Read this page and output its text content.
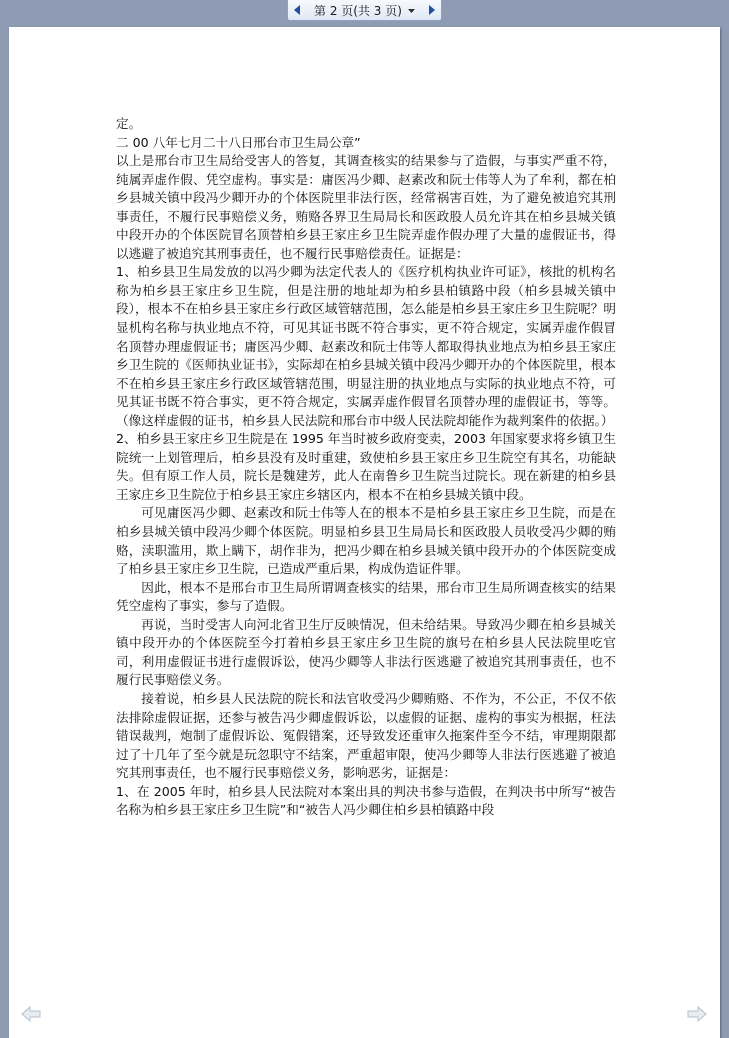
第 2 页(共 3 页)

定。

二 00 八年七月二十八日邢台市卫生局公章”

以上是邢台市卫生局给受害人的答复，其调查核实的结果参与了造假，与事实严重不符，纯属弄虚作假、凭空虚构。事实是：庸医冯少卿、赵素改和阮士伟等人为了牟利，都在柏乡县城关镇中段冯少卿开办的个体医院里非法行医，经常祸害百姓，为了避免被追究其刑事责任，不履行民事赔偿义务，贿赂各界卫生局局长和医政股人员允许其在柏乡县城关镇中段开办的个体医院冒名顶替柏乡县王家庄乡卫生院弄虚作假办理了大量的虚假证书，得以逃避了被追究其刑事责任，也不履行民事赔偿责任。证据是：

1、柏乡县卫生局发放的以冯少卿为法定代表人的《医疗机构执业许可证》，核批的机构名称为柏乡县王家庄乡卫生院，但是注册的地址却为柏乡县柏镇路中段（柏乡县城关镇中段），根本不在柏乡县王家庄乡行政区域管辖范围，怎么能是柏乡县王家庄乡卫生院呢？明显机构名称与执业地点不符，可见其证书既不符合事实，更不符合规定，实属弄虚作假冒名顶替办理虚假证书；庸医冯少卿、赵素改和阮士伟等人都取得执业地点为柏乡县王家庄乡卫生院的《医师执业证书》，实际却在柏乡县城关镇中段冯少卿开办的个体医院里，根本不在柏乡县王家庄乡行政区域管辖范围，明显注册的执业地点与实际的执业地点不符，可见其证书既不符合事实，更不符合规定，实属弄虚作假冒名顶替办理的虚假证书，等等。（像这样虚假的证书，柏乡县人民法院和邢台市中级人民法院却能作为裁判案件的依据。）

2、柏乡县王家庄乡卫生院是在 1995 年当时被乡政府变卖，2003 年国家要求将乡镇卫生院统一上划管理后，柏乡县没有及时重建，致使柏乡县王家庄乡卫生院空有其名，功能缺失。但有原工作人员，院长是魏建芳，此人在南鲁乡卫生院当过院长。现在新建的柏乡县王家庄乡卫生院位于柏乡县王家庄乡辖区内，根本不在柏乡县城关镇中段。

可见庸医冯少卿、赵素改和阮士伟等人在的根本不是柏乡县王家庄乡卫生院，而是在柏乡县城关镇中段冯少卿个体医院。明显柏乡县卫生局局长和医政股人员收受冯少卿的贿赂，渎职滥用，欺上瞒下，胡作非为，把冯少卿在柏乡县城关镇中段开办的个体医院变成了柏乡县王家庄乡卫生院，已造成严重后果，构成伪造证件罪。

因此，根本不是邢台市卫生局所谓调查核实的结果，邢台市卫生局所调查核实的结果凭空虚构了事实，参与了造假。

再说，当时受害人向河北省卫生厅反映情况，但未给结果。导致冯少卿在柏乡县城关镇中段开办的个体医院至今打着柏乡县王家庄乡卫生院的旗号在柏乡县人民法院里吃官司，利用虚假证书进行虚假诉讼，使冯少卿等人非法行医逃避了被追究其刑事责任，也不履行民事赔偿义务。

接着说，柏乡县人民法院的院长和法官收受冯少卿贿赂、不作为，不公正，不仅不依法排除虚假证据，还参与被告冯少卿虚假诉讼，以虚假的证据、虚构的事实为根据，枉法错误裁判，炮制了虚假诉讼、冤假错案，还导致发还重审久拖案件至今不结，审理期限都过了十几年了至今就是玩忽职守不结案，严重超审限，使冯少卿等人非法行医逃避了被追究其刑事责任，也不履行民事赔偿义务，影响恶劣，证据是：

1、在 2005 年时，柏乡县人民法院对本案出具的判决书参与造假，在判决书中所写“被告名称为柏乡县王家庄乡卫生院”和“被告人冯少卿住柏乡县柏镇路中段
